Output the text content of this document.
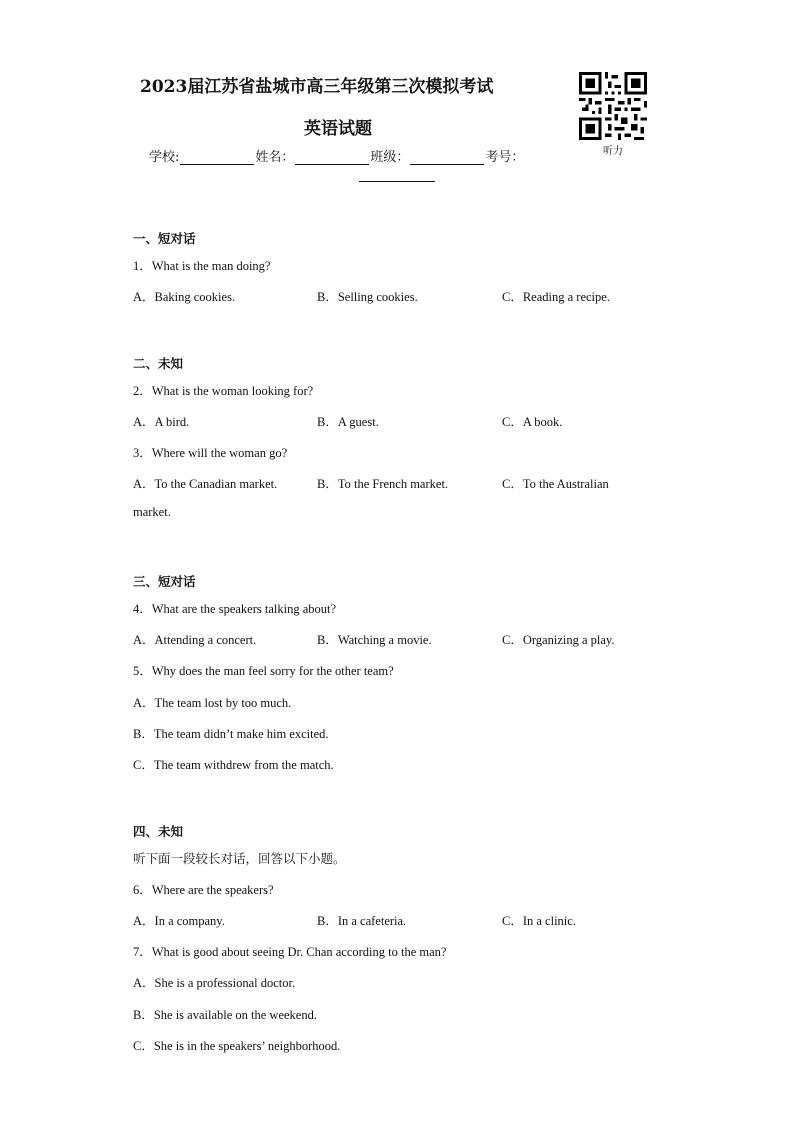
2023届江苏省盐城市高三年级第三次模拟考试
英语试题
听力
学校:	姓名：	班级：	考号：
一、短对话
1．What is the man doing?
A．Baking cookies.	B．Selling cookies.	C．Reading a recipe.
二、未知
2．What is the woman looking for?
A．A bird.	B．A guest.	C．A book.
3．Where will the woman go?
A．To the Canadian market.	B．To the French market.	C．To the Australian
market.
三、短对话
4．What are the speakers talking about?
A．Attending a concert.	B．Watching a movie.	C．Organizing a play.
5．Why does the man feel sorry for the other team?
A．The team lost by too much.
B．The team didn’t make him excited.
C．The team withdrew from the match.
四、未知
听下面一段较长对话，回答以下小题。
6．Where are the speakers?
A．In a company.	B．In a cafeteria.	C．In a clinic.
7．What is good about seeing Dr. Chan according to the man?
A．She is a professional doctor.
B．She is available on the weekend.
C．She is in the speakers’ neighborhood.
